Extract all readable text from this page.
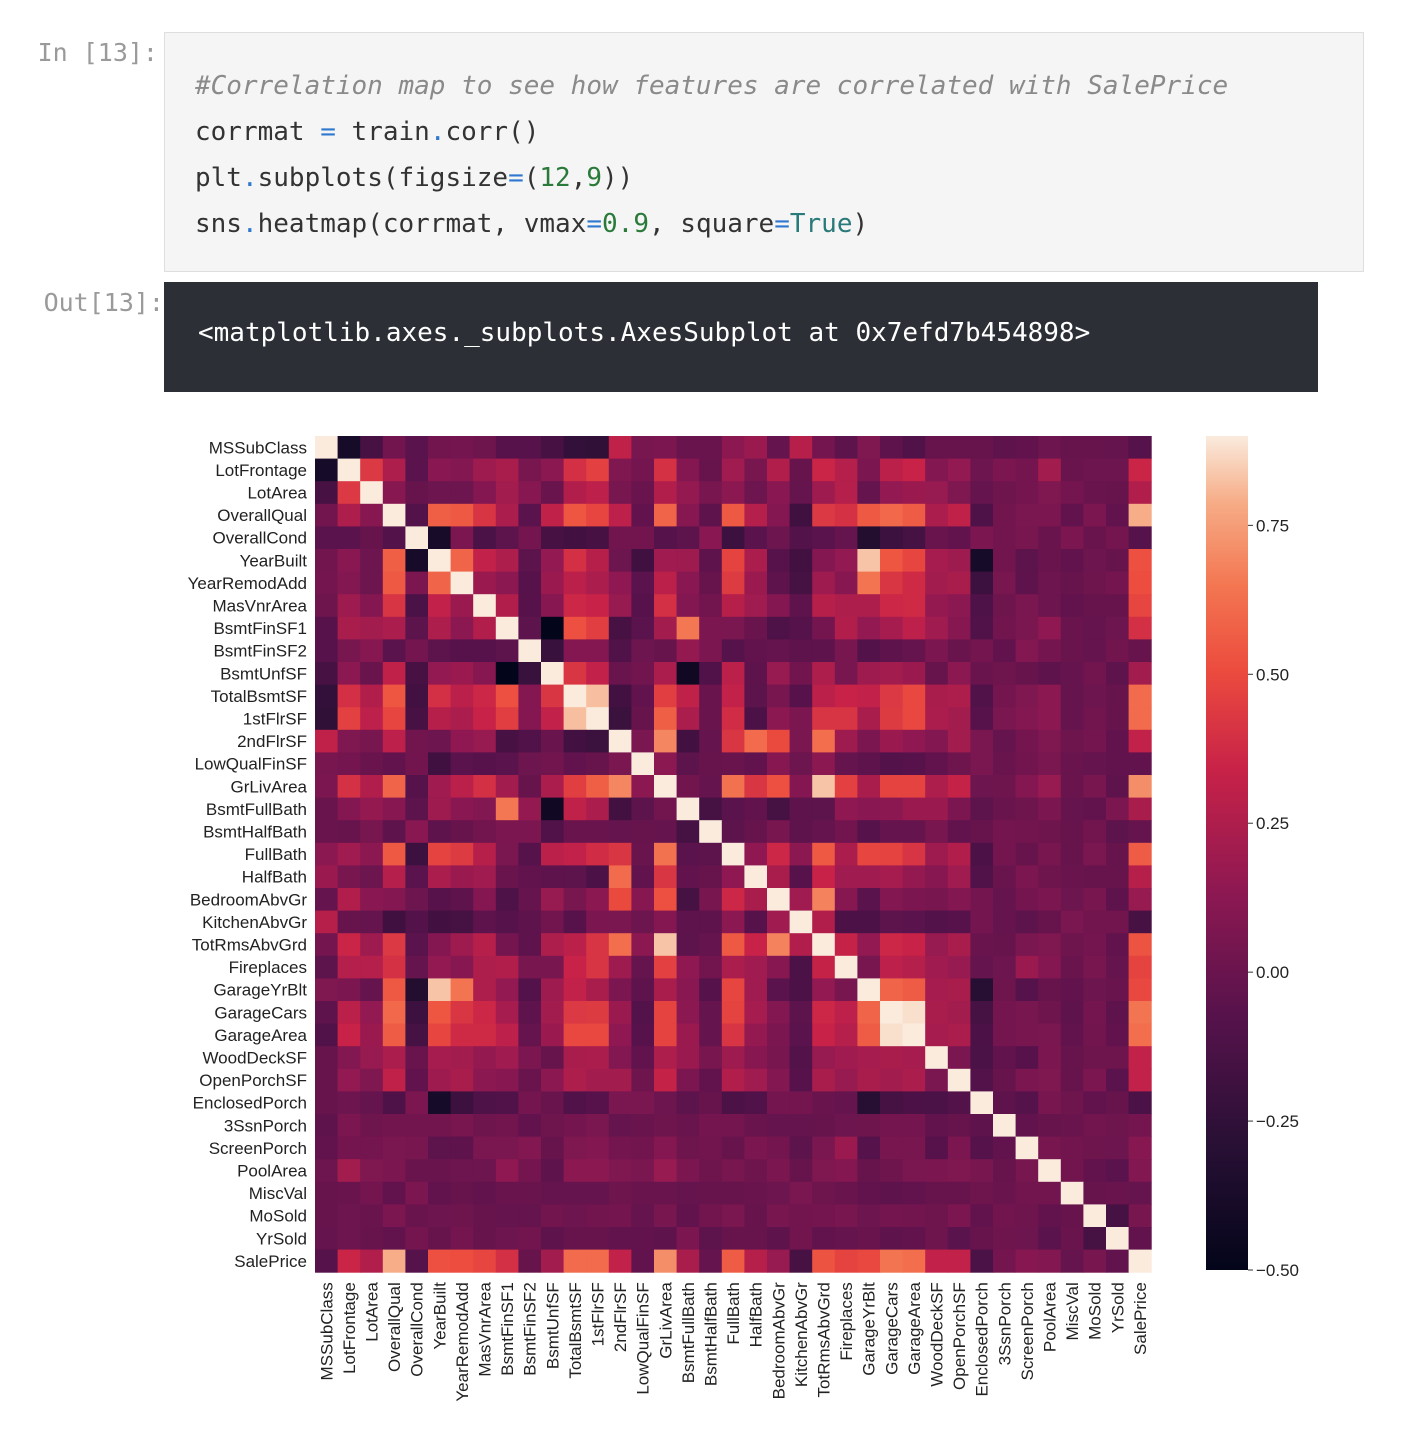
In [13]:
#Correlation map to see how features are correlated with SalePrice
corrmat = train.corr()
plt.subplots(figsize=(12,9))
sns.heatmap(corrmat, vmax=0.9, square=True)
Out[13]:
<matplotlib.axes._subplots.AxesSubplot at 0x7efd7b454898>
MSSubClass
LotFrontage
LotArea
OverallQual
OverallCond
YearBuilt
YearRemodAdd
MasVnrArea
BsmtFinSF1
BsmtFinSF2
BsmtUnfSF
TotalBsmtSF
1stFlrSF
2ndFlrSF
LowQualFinSF
GrLivArea
BsmtFullBath
BsmtHalfBath
FullBath
HalfBath
BedroomAbvGr
KitchenAbvGr
TotRmsAbvGrd
Fireplaces
GarageYrBlt
GarageCars
GarageArea
WoodDeckSF
OpenPorchSF
EnclosedPorch
3SsnPorch
ScreenPorch
PoolArea
MiscVal
MoSold
YrSold
SalePrice
MSSubClass LotFrontage LotArea OverallQual OverallCond YearBuilt YearRemodAdd MasVnrArea BsmtFinSF1 BsmtFinSF2 BsmtUnfSF TotalBsmtSF 1stFlrSF 2ndFlrSF LowQualFinSF GrLivArea BsmtFullBath BsmtHalfBath FullBath HalfBath BedroomAbvGr KitchenAbvGr TotRmsAbvGrd Fireplaces GarageYrBlt GarageCars GarageArea WoodDeckSF OpenPorchSF EnclosedPorch 3SsnPorch ScreenPorch PoolArea MiscVal MoSold YrSold SalePrice
0.75
0.50
0.25
0.00
−0.25
−0.50
